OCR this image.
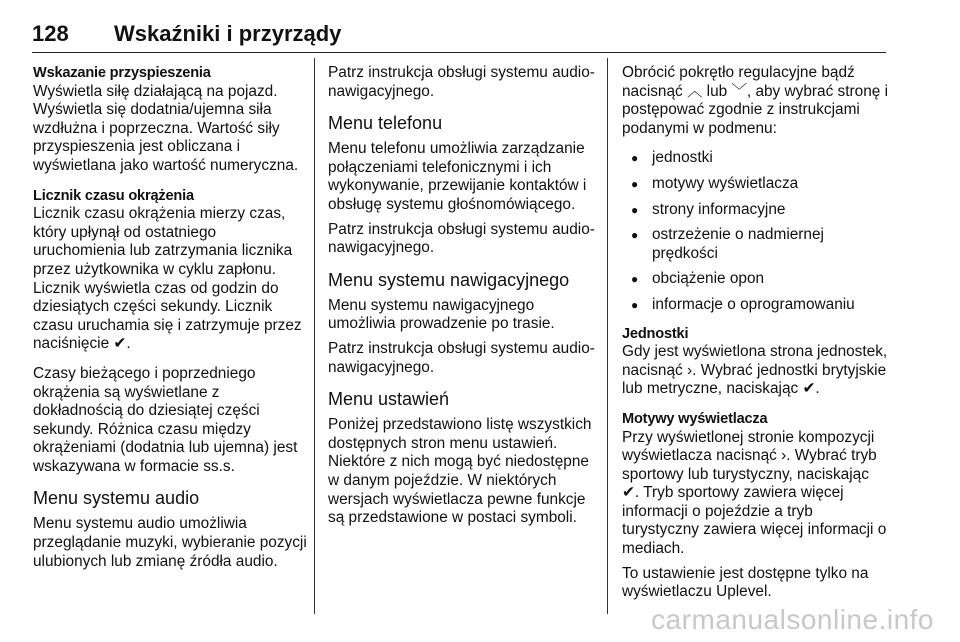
128	Wskaźniki i przyrządy
Wskazanie przyspieszenia

Wyświetla siłę działającą na pojazd. Wyświetla się dodatnia/ujemna siła wzdłużna i poprzeczna. Wartość siły przyspieszenia jest obliczana i wyświetlana jako wartość numeryczna.

Licznik czasu okrążenia

Licznik czasu okrążenia mierzy czas, który upłynął od ostatniego uruchomienia lub zatrzymania licznika przez użytkownika w cyklu zapłonu. Licznik wyświetla czas od godzin do dziesiątych części sekundy. Licznik czasu uruchamia się i zatrzymuje przez naciśnięcie ✔.

Czasy bieżącego i poprzedniego okrążenia są wyświetlane z dokładnością do dziesiątej części sekundy. Różnica czasu między okrążeniami (dodatnia lub ujemna) jest wskazywana w formacie ss.s.

Menu systemu audio

Menu systemu audio umożliwia przeglądanie muzyki, wybieranie pozycji ulubionych lub zmianę źródła audio.

Patrz instrukcja obsługi systemu audio-nawigacyjnego.

Menu telefonu

Menu telefonu umożliwia zarządzanie połączeniami telefonicznymi i ich wykonywanie, przewijanie kontaktów i obsługę systemu głośnomówiącego.

Patrz instrukcja obsługi systemu audio-nawigacyjnego.

Menu systemu nawigacyjnego

Menu systemu nawigacyjnego umożliwia prowadzenie po trasie.

Patrz instrukcja obsługi systemu audio-nawigacyjnego.

Menu ustawień

Poniżej przedstawiono listę wszystkich dostępnych stron menu ustawień. Niektóre z nich mogą być niedostępne w danym pojeździe. W niektórych wersjach wyświetlacza pewne funkcje są przedstawione w postaci symboli.

Obrócić pokrętło regulacyjne bądź nacisnąć ︿ lub ﹀, aby wybrać stronę i postępować zgodnie z instrukcjami podanymi w podmenu:

● jednostki
● motywy wyświetlacza
● strony informacyjne
● ostrzeżenie o nadmiernej prędkości
● obciążenie opon
● informacje o oprogramowaniu
Jednostki

Gdy jest wyświetlona strona jednostek, nacisnąć ›. Wybrać jednostki brytyjskie lub metryczne, naciskając ✔.

Motywy wyświetlacza

Przy wyświetlonej stronie kompozycji wyświetlacza nacisnąć ›. Wybrać tryb sportowy lub turystyczny, naciskając ✔. Tryb sportowy zawiera więcej informacji o pojeździe a tryb turystyczny zawiera więcej informacji o mediach.

To ustawienie jest dostępne tylko na wyświetlaczu Uplevel.

carmanualsonline.info
